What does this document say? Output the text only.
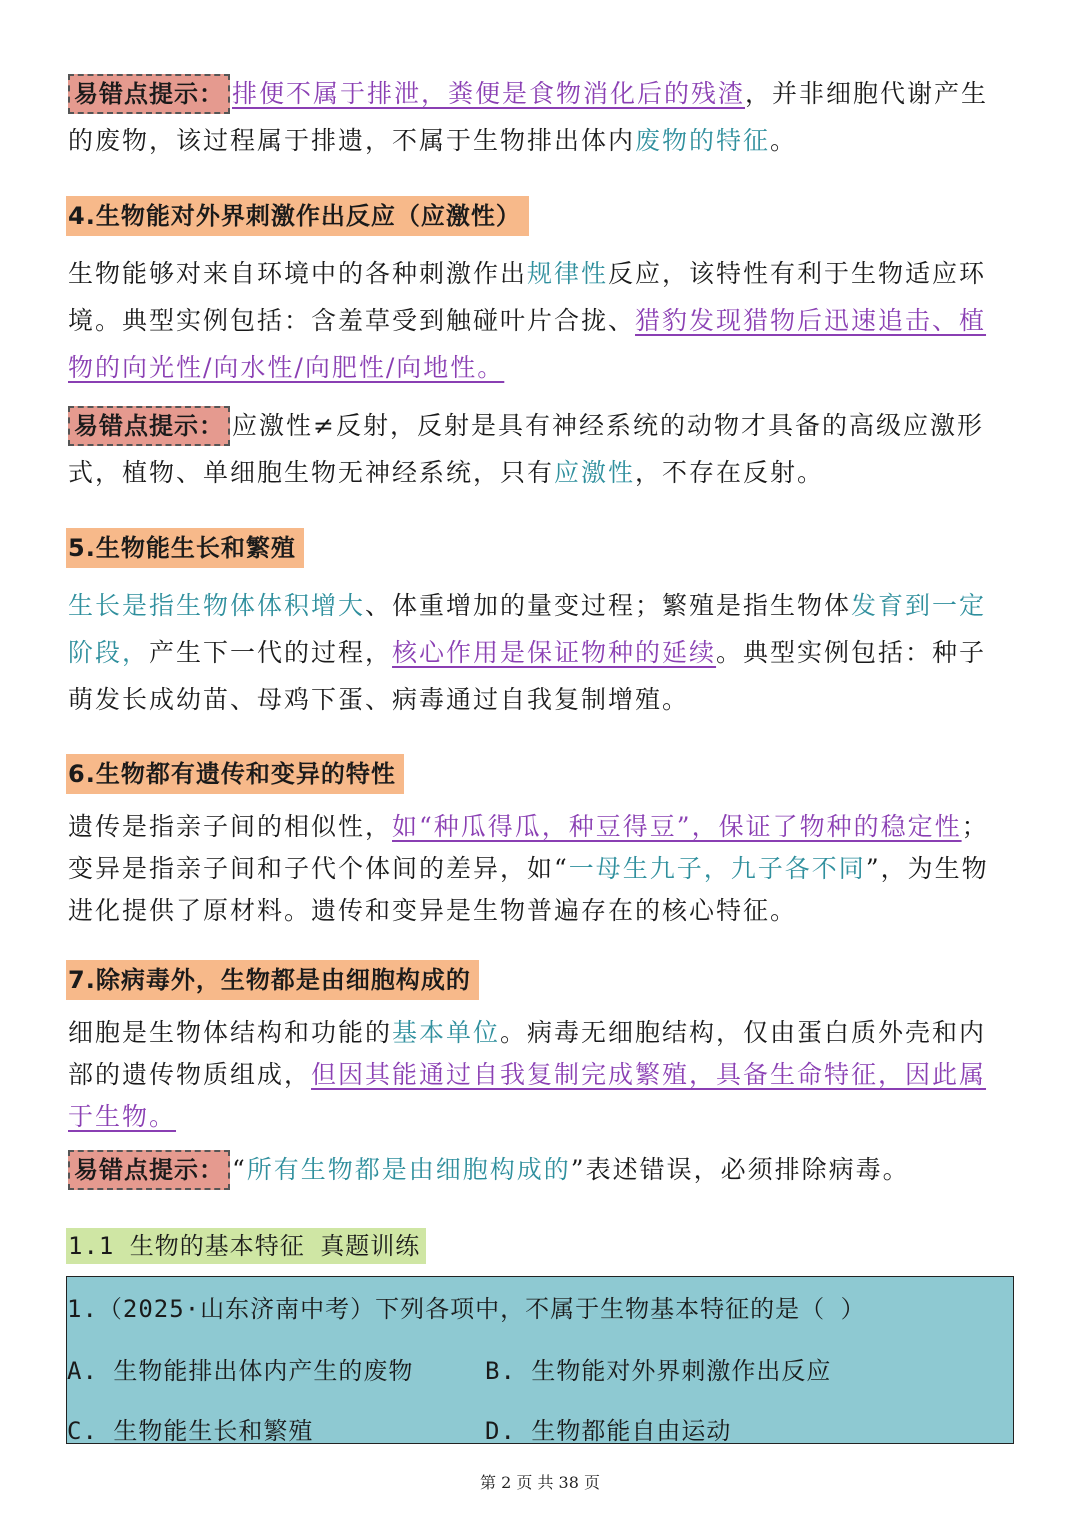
易错点提示： 排便不属于排泄，粪便是食物消化后的残渣，并非细胞代谢产生的废物，该过程属于排遗，不属于生物排出体内废物的特征。

4.生物能对外界刺激作出反应（应激性）

生物能够对来自环境中的各种刺激作出规律性反应，该特性有利于生物适应环境。典型实例包括：含羞草受到触碰叶片合拢、猎豹发现猎物后迅速追击、植物的向光性/向水性/向肥性/向地性。

易错点提示： 应激性≠反射，反射是具有神经系统的动物才具备的高级应激形式，植物、单细胞生物无神经系统，只有应激性，不存在反射。

5.生物能生长和繁殖

生长是指生物体体积增大、体重增加的量变过程；繁殖是指生物体发育到一定阶段，产生下一代的过程，核心作用是保证物种的延续。典型实例包括：种子萌发长成幼苗、母鸡下蛋、病毒通过自我复制增殖。

6.生物都有遗传和变异的特性

遗传是指亲子间的相似性，如“种瓜得瓜，种豆得豆”，保证了物种的稳定性；变异是指亲子间和子代个体间的差异，如“一母生九子，九子各不同”，为生物进化提供了原材料。遗传和变异是生物普遍存在的核心特征。

7.除病毒外，生物都是由细胞构成的

细胞是生物体结构和功能的基本单位。病毒无细胞结构，仅由蛋白质外壳和内部的遗传物质组成，但因其能通过自我复制完成繁殖，具备生命特征，因此属于生物。

易错点提示： “所有生物都是由细胞构成的”表述错误，必须排除病毒。

1.1 生物的基本特征 真题训练
1.（2025·山东济南中考）下列各项中，不属于生物基本特征的是（ ）
A. 生物能排出体内产生的废物	B. 生物能对外界刺激作出反应
C. 生物能生长和繁殖	D. 生物都能自由运动
第 2 页 共 38 页
